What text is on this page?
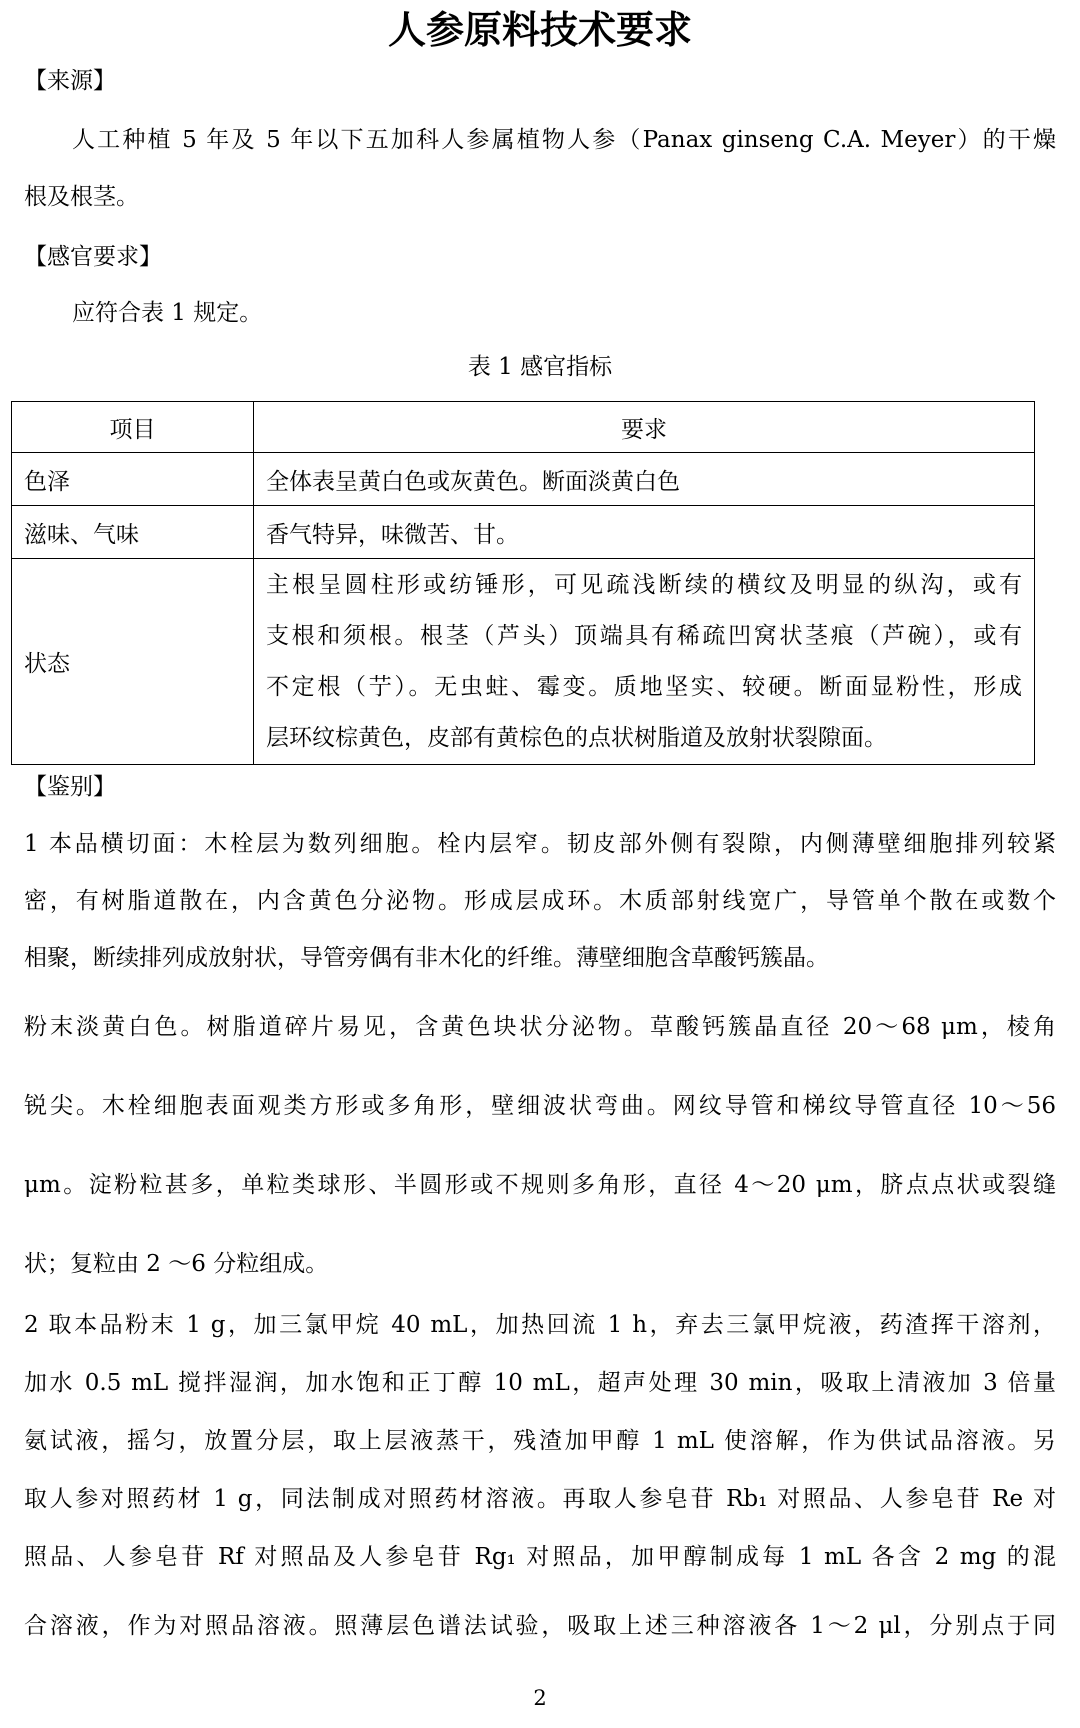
人参原料技术要求
【来源】
人工种植 5 年及 5 年以下五加科人参属植物人参（Panax ginseng C.A. Meyer）的干燥
根及根茎。
【感官要求】
应符合表 1 规定。
表 1 感官指标
项目	要求
色泽	全体表呈黄白色或灰黄色。断面淡黄白色
滋味、气味	香气特异，味微苦、甘。
状态	主根呈圆柱形或纺锤形，可见疏浅断续的横纹及明显的纵沟，或有
支根和须根。根茎（芦头）顶端具有稀疏凹窝状茎痕（芦碗），或有
不定根（艼）。无虫蛀、霉变。质地坚实、较硬。断面显粉性，形成
层环纹棕黄色，皮部有黄棕色的点状树脂道及放射状裂隙面。
【鉴别】
1 本品横切面：木栓层为数列细胞。栓内层窄。韧皮部外侧有裂隙，内侧薄壁细胞排列较紧
密，有树脂道散在，内含黄色分泌物。形成层成环。木质部射线宽广，导管单个散在或数个
相聚，断续排列成放射状，导管旁偶有非木化的纤维。薄壁细胞含草酸钙簇晶。
粉末淡黄白色。树脂道碎片易见，含黄色块状分泌物。草酸钙簇晶直径 20～68 μm，棱角
锐尖。木栓细胞表面观类方形或多角形，壁细波状弯曲。网纹导管和梯纹导管直径 10～56
μm。淀粉粒甚多，单粒类球形、半圆形或不规则多角形，直径 4～20 μm，脐点点状或裂缝
状；复粒由 2 ～6 分粒组成。
2 取本品粉末 1 g，加三氯甲烷 40 mL，加热回流 1 h，弃去三氯甲烷液，药渣挥干溶剂，
加水 0.5 mL 搅拌湿润，加水饱和正丁醇 10 mL，超声处理 30 min，吸取上清液加 3 倍量
氨试液，摇匀，放置分层，取上层液蒸干，残渣加甲醇 1 mL 使溶解，作为供试品溶液。另
取人参对照药材 1 g，同法制成对照药材溶液。再取人参皂苷 Rb₁ 对照品、人参皂苷 Re 对
照品、人参皂苷 Rf 对照品及人参皂苷 Rg₁ 对照品，加甲醇制成每 1 mL 各含 2 mg 的混
合溶液，作为对照品溶液。照薄层色谱法试验，吸取上述三种溶液各 1～2 μl，分别点于同
2
